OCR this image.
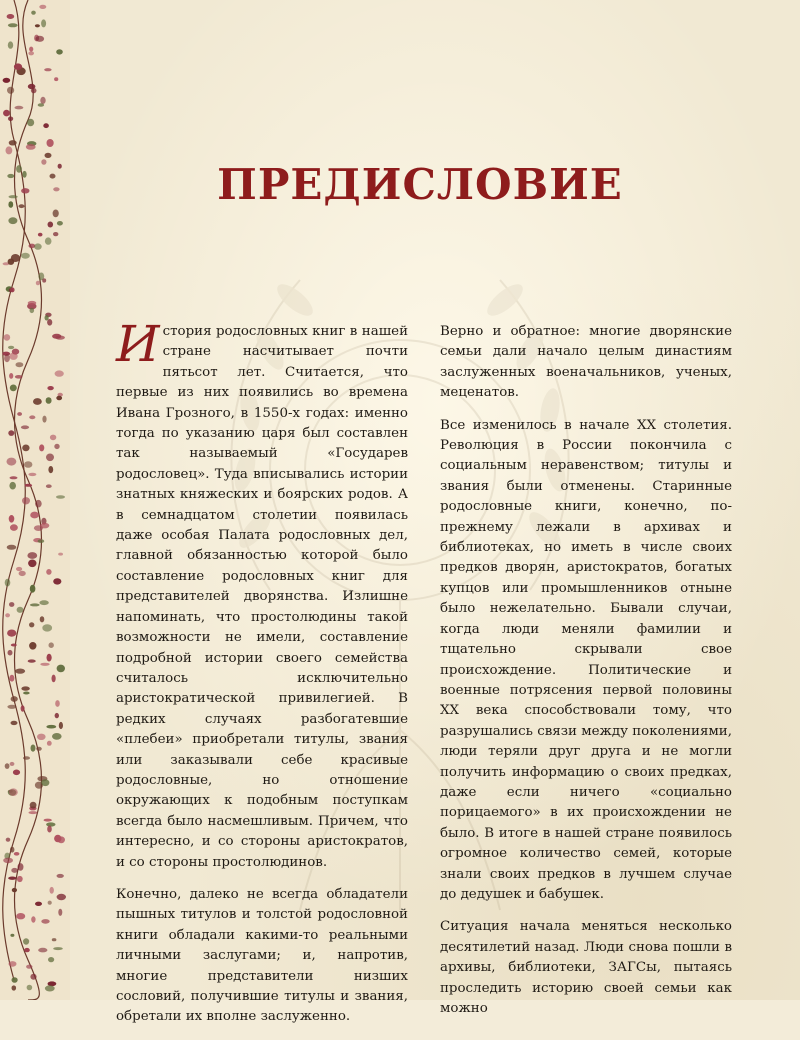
ПРЕДИСЛОВИЕ

История родословных книг в нашей стране насчитывает почти пятьсот лет. Считается, что первые из них появились во времена Ивана Грозного, в 1550-х годах: именно тогда по указанию царя был составлен так называемый «Государев родословец». Туда вписывались истории знатных княжеских и боярских родов. А в семнадцатом столетии появилась даже особая Палата родословных дел, главной обязанностью которой было составление родословных книг для представителей дворянства. Излишне напоминать, что простолюдины такой возможности не имели, составление подробной истории своего семейства считалось исключительно аристократической привилегией. В редких случаях разбогатевшие «плебеи» приобретали титулы, звания или заказывали себе красивые родословные, но отношение окружающих к подобным поступкам всегда было насмешливым. Причем, что интересно, и со стороны аристократов, и со стороны простолюдинов.

Конечно, далеко не всегда обладатели пышных титулов и толстой родословной книги обладали какими-то реальными личными заслугами; и, напротив, многие представители низших сословий, получившие титулы и звания, обретали их вполне заслуженно.

Верно и обратное: многие дворянские семьи дали начало целым династиям заслуженных военачальников, ученых, меценатов.

Все изменилось в начале XX столетия. Революция в России покончила с социальным неравенством; титулы и звания были отменены. Старинные родословные книги, конечно, по-прежнему лежали в архивах и библиотеках, но иметь в числе своих предков дворян, аристократов, богатых купцов или промышленников отныне было нежелательно. Бывали случаи, когда люди меняли фамилии и тщательно скрывали свое происхождение. Политические и военные потрясения первой половины XX века способствовали тому, что разрушались связи между поколениями, люди теряли друг друга и не могли получить информацию о своих предках, даже если ничего «социально порицаемого» в их происхождении не было. В итоге в нашей стране появилось огромное количество семей, которые знали своих предков в лучшем случае до дедушек и бабушек.

Ситуация начала меняться несколько десятилетий назад. Люди снова пошли в архивы, библиотеки, ЗАГСы, пытаясь проследить историю своей семьи как можно
